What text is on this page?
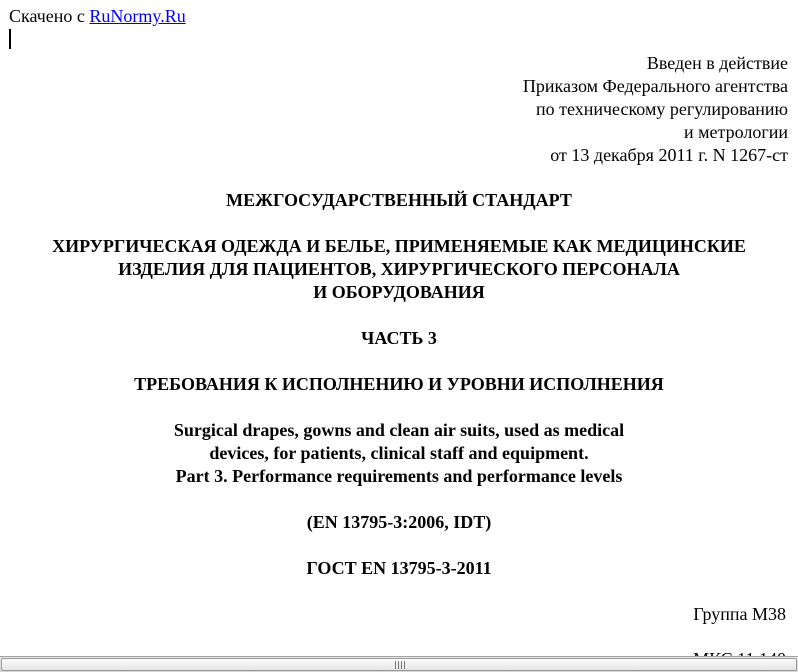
Скачено с RuNormy.Ru
Введен в действие
Приказом Федерального агентства
по техническому регулированию
и метрологии
от 13 декабря 2011 г. N 1267-ст
МЕЖГОСУДАРСТВЕННЫЙ СТАНДАРТ
ХИРУРГИЧЕСКАЯ ОДЕЖДА И БЕЛЬЕ, ПРИМЕНЯЕМЫЕ КАК МЕДИЦИНСКИЕ
ИЗДЕЛИЯ ДЛЯ ПАЦИЕНТОВ, ХИРУРГИЧЕСКОГО ПЕРСОНАЛА
И ОБОРУДОВАНИЯ
ЧАСТЬ 3
ТРЕБОВАНИЯ К ИСПОЛНЕНИЮ И УРОВНИ ИСПОЛНЕНИЯ
Surgical drapes, gowns and clean air suits, used as medical
devices, for patients, clinical staff and equipment.
Part 3. Performance requirements and performance levels
(EN 13795-3:2006, IDT)
ГОСТ EN 13795-3-2011
Группа М38
